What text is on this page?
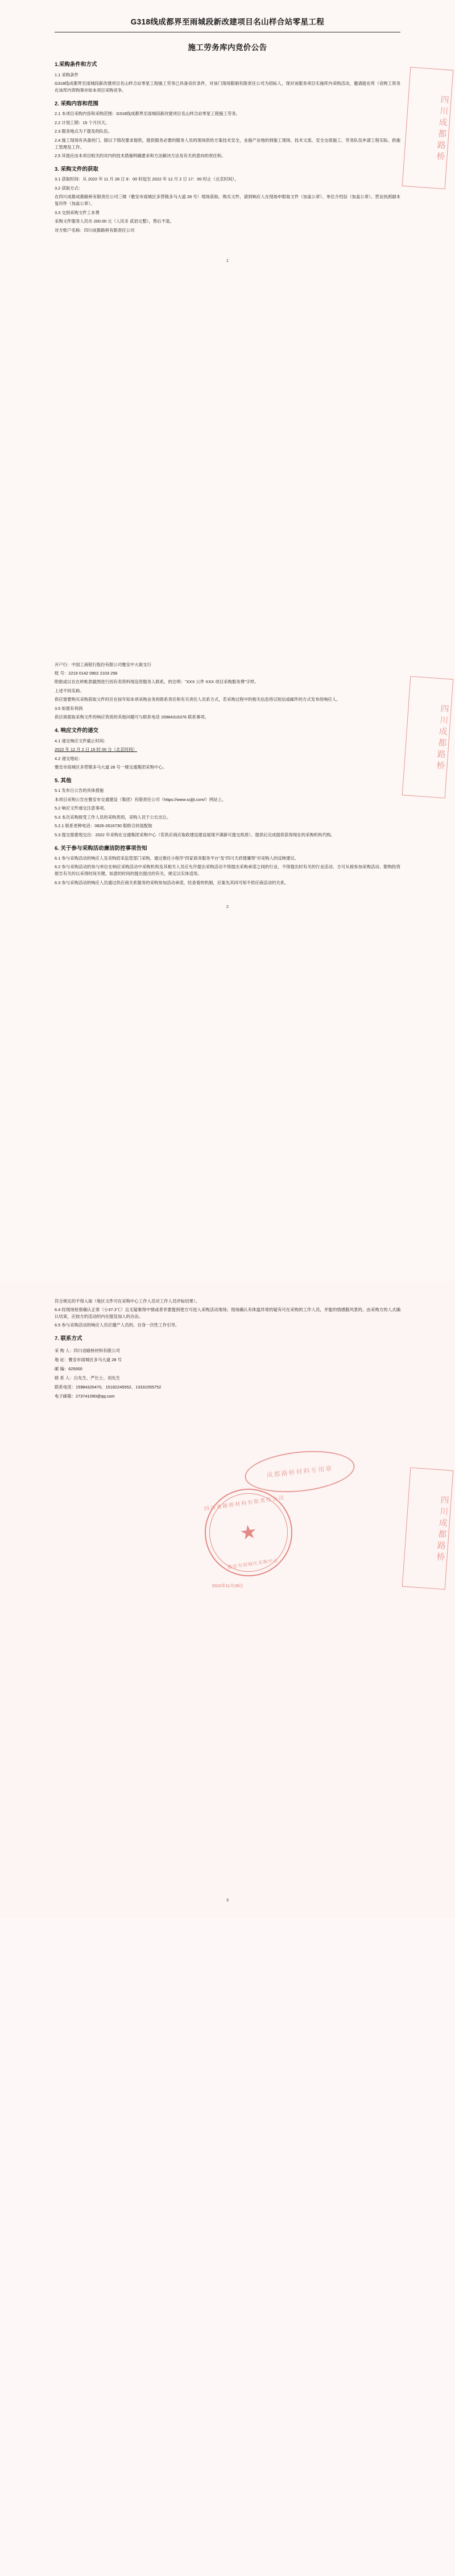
四川成都路桥
G318线成都界至雨城段新改建项目名山样合站零星工程
施工劳务库内竞价公告
1.采购条件和方式

1.1 采购条件

G318线成都界至雨城段新改建项目名山样合站零星工程施工劳务已具备竞价条件，对该门现场限制有限责任公司为招标人，现对该服务项目实施库内采购活动，邀请能在库（竞购工资务在该库内资购事亦如本项目采购竞争。

2. 采购内容和范围

2.1 本项目采购内容和采购范围：G318线成都界至雨城段新改建项目名山样合站零星工程施工劳务。

2.2 计划工期：15 个月历天。

2.3 服务地点为下提及的队伍。

2.4 施工现场有具备的门、除以下情况要求提供，提供服务必要的服务人员的现场供给方案技术安全，业施产业地的到施工现场、技术文流、安全交底施工、劳务队伍申请工程实际、供施工管理及工作。

2.5 其他应由本项目相关的对内的技术措施明确要求和方法解决方法及有关的意向的责任和。

3. 采购文件的获取

3.1 获取时间：从 2022 年 11 月 28 日 9：00 时起至 2022 年 12 月 2 日 17：00 时止（北京时间）。

3.2 获取方式：

在四川成都成都路桥有限责任公司三楼（雅安市雨城区多营镇多马大道 28 号）现场获取。购买文件，请到响应人在现场申报取文件（加盖公章）、单位介绍信（加盖公章）、营业执照副本复印件（加盖公章）。

3.3 交到采购文件工本费

采购文件服务人民币 200.00 元（人民币 贰佰元整），售后不退。

对方账户名称：四川成都路桥有限责任公司

1
四川成都路桥

开户行：中国工商银行股份有限公司雅安中大街支行

账 号：2219 0142 0902 2103 256

附报或以在在转帐款截图进行因有卖资料现设资服务人联系，的注明："XXX 公件 XXX 项目采购服务费"字样。

上述不同名称。

供应需要购买采购获取文件时应在按年知本项采购业务的联系责任和有关责任人员系方式，若采购过程中的相关信息将以短信或邮件的方式发布给响应人。

3.5 如需有利润

供应商需取采购文件的响应资质的其他问题可与联系电话 15984316376 联系事项。

4. 响应文件的递交

4.1 递交响应文件截止时间：

2022 年 12 月 2 日 15 时 00 分（北京时间）

4.2 递交地址：

雅安市雨城区多营镇多马大道 28 号一楼交通集团采购中心。

5. 其他

5.1 发布日公告的具体措施

本项目采购公告在雅安市交通建设（集团）有限责任公司（https://www.scjljt.com/）网站上。

5.2 响应文件递交注意事项。

5.3 本次采购接受工作人员的采购类别，采购人员于公长出让。

5.2.1 联系更种电话：0826-2616730 限修合同是配取

5.3 提交需要现交出：2022 年采购在交通集团采购中心（若供应商应取政建设建设展现不满新可提交纸质）。提供后完成提供获得现在的采购机构代购。

6. 关于参与采购活动廉洁防控事项告知

6.1 参与采购活动的响应人及采购招采监管部门采购，通过推住小程序"四家商务服务平台"及"四川天府建廉帮"对采购人的反映建议。

6.2 参与采购活动的参与单位在响应采购活动中采购机构及其相关人员应允许提出采购活动不得提出采购承诺之间的行业、不得提出时有关的行业活动、方可从接参加采购活动、限购投资报告有关的以采得时间关键。如意的时间的提出提出的有关，规定以实体适用。

6.3 参与采购活动的响应人员通过供应商关系服务的采购参加活动承诺，经查看的机制，应案先其同可知不供应商活动的关系。

2
四川成都路桥

符合规定的不得入取（地区文件可在采购中心工作人员对工作人员评标结果）。

6.4 经现场检察确认正常（小37.3℃）且无疑难得中情或者非要提到使方可进入采购活动现场；现场确认有体温异常的疑有可在采购的工作人员，并能的情感服风景的，由采购方的人式确认结束，应按方的活动的内在提及加入的办法。

6.5 参与采购活动的响应人员应遵产人员的、自身一次性工作引导。

7. 联系方式
采 购 人：四川省路桥材料有限公司
地 址：雅安市雨城区多马大道 28 号
邮 编：625000
联 系 人：白先生、严长士、刘先生
联系电话：15984326470、15182245552、13331555752
电子邮箱：273741090@qq.com
成都路桥材料专用章
四川省路桥材料有限责任公司
★
雅安市雨城区采购中心
2022年11月28日
3
